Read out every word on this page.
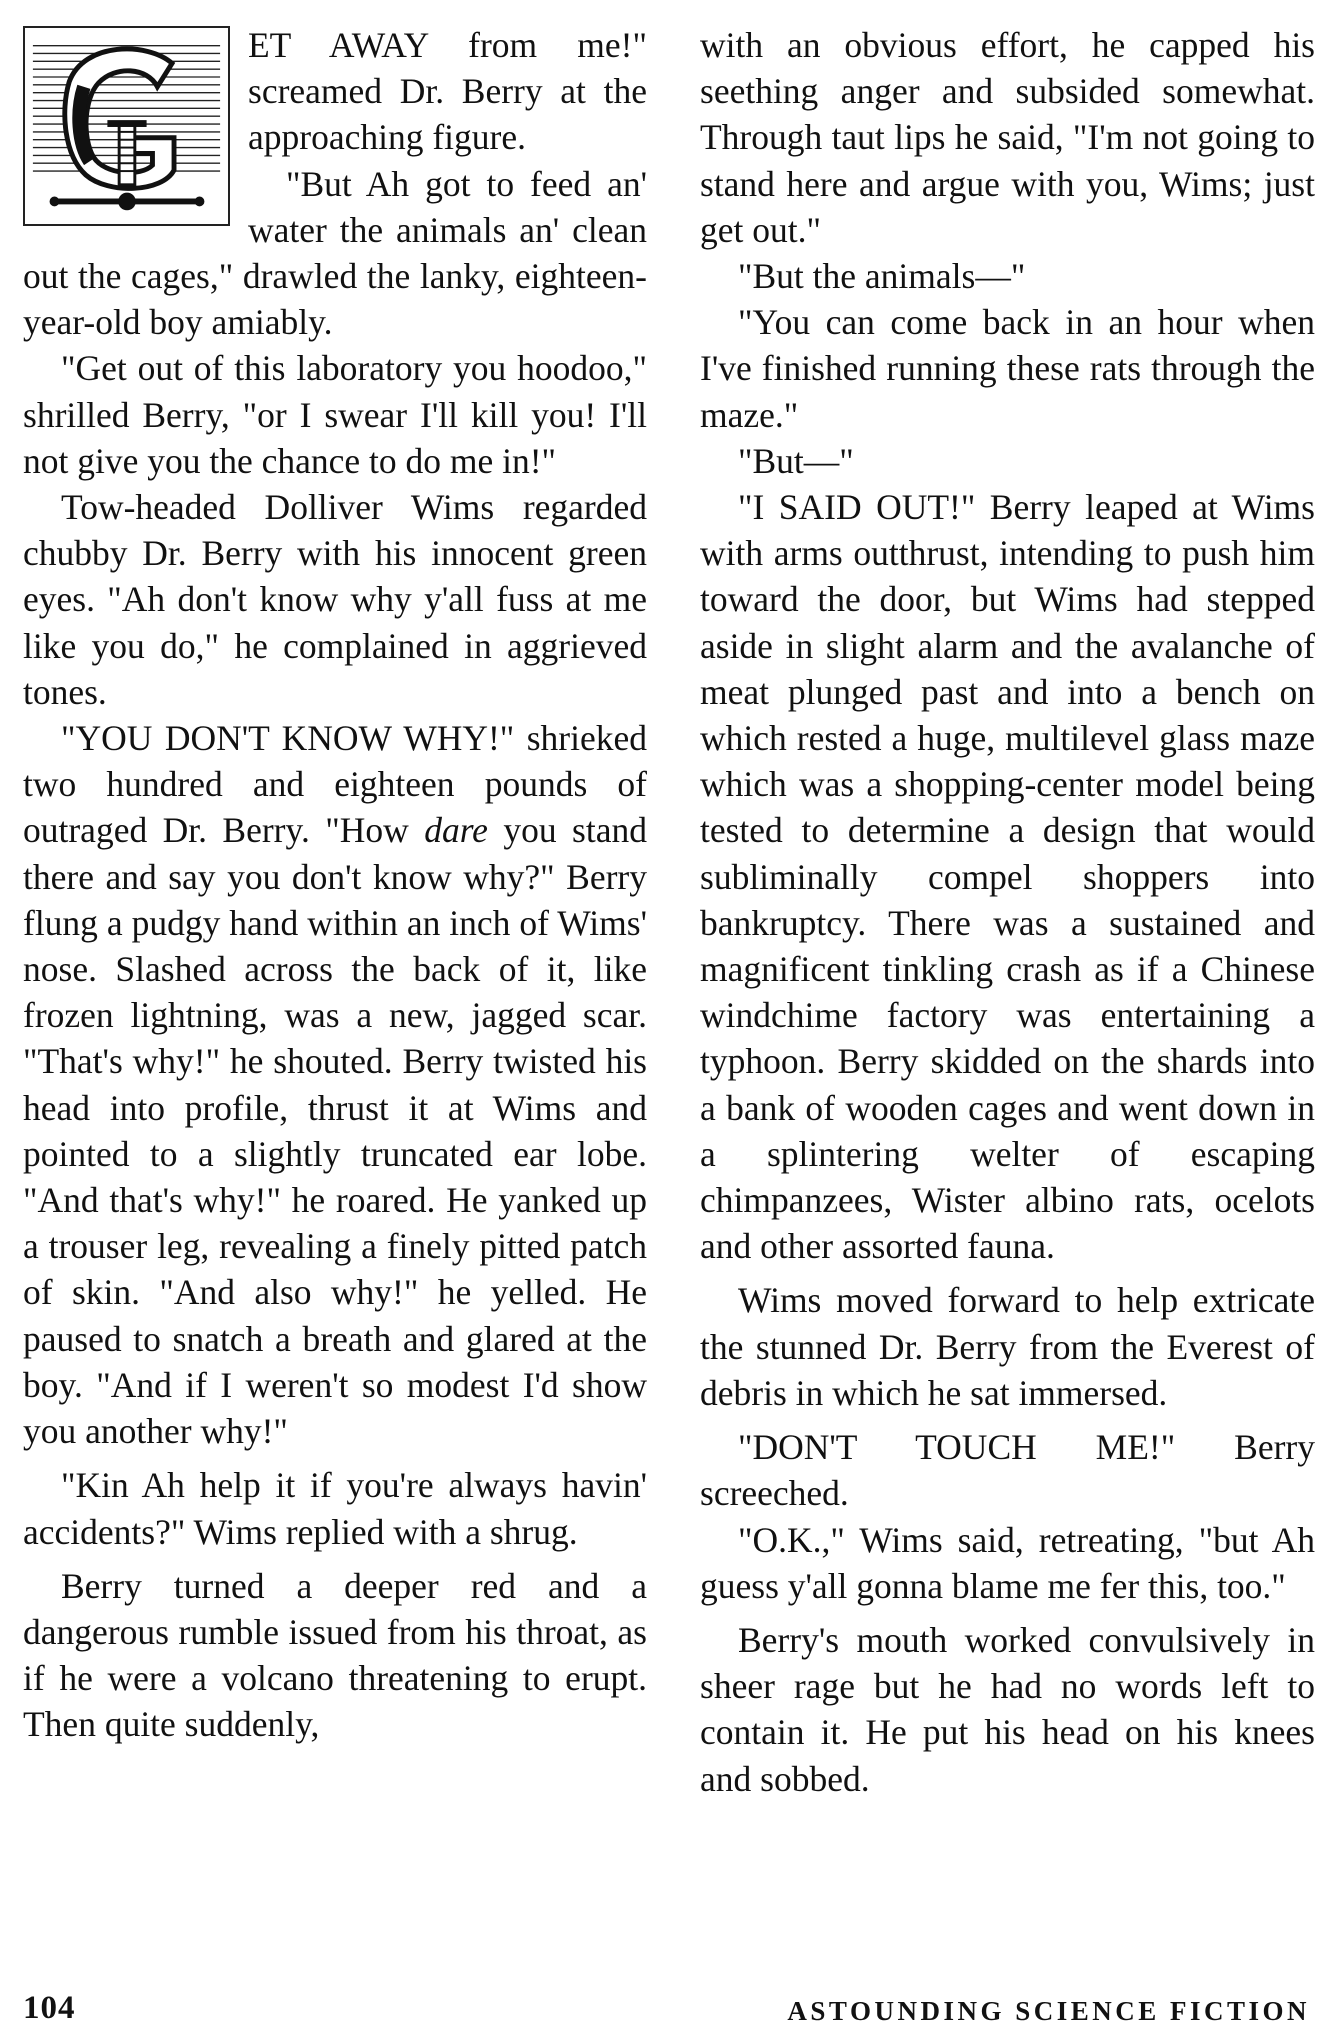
ET AWAY from me!" screamed Dr. Berry at the approaching figure.

"But Ah got to feed an' water the animals an' clean out the cages," drawled the lanky, eighteen-year-old boy amiably.

"Get out of this laboratory you hoodoo," shrilled Berry, "or I swear I'll kill you! I'll not give you the chance to do me in!"

Tow-headed Dolliver Wims regarded chubby Dr. Berry with his innocent green eyes. "Ah don't know why y'all fuss at me like you do," he complained in aggrieved tones.

"YOU DON'T KNOW WHY!" shrieked two hundred and eighteen pounds of outraged Dr. Berry. "How dare you stand there and say you don't know why?" Berry flung a pudgy hand within an inch of Wims' nose. Slashed across the back of it, like frozen lightning, was a new, jagged scar. "That's why!" he shouted. Berry twisted his head into profile, thrust it at Wims and pointed to a slightly truncated ear lobe. "And that's why!" he roared. He yanked up a trouser leg, revealing a finely pitted patch of skin. "And also why!" he yelled. He paused to snatch a breath and glared at the boy. "And if I weren't so modest I'd show you another why!"

"Kin Ah help it if you're always havin' accidents?" Wims replied with a shrug.

Berry turned a deeper red and a dangerous rumble issued from his throat, as if he were a volcano threatening to erupt. Then quite suddenly,

with an obvious effort, he capped his seething anger and subsided somewhat. Through taut lips he said, "I'm not going to stand here and argue with you, Wims; just get out."

"But the animals—"

"You can come back in an hour when I've finished running these rats through the maze."

"But—"

"I SAID OUT!" Berry leaped at Wims with arms outthrust, intending to push him toward the door, but Wims had stepped aside in slight alarm and the avalanche of meat plunged past and into a bench on which rested a huge, multilevel glass maze which was a shopping-center model being tested to determine a design that would subliminally compel shoppers into bankruptcy. There was a sustained and magnificent tinkling crash as if a Chinese windchime factory was entertaining a typhoon. Berry skidded on the shards into a bank of wooden cages and went down in a splintering welter of escaping chimpanzees, Wister albino rats, ocelots and other assorted fauna.

Wims moved forward to help extricate the stunned Dr. Berry from the Everest of debris in which he sat immersed.

"DON'T TOUCH ME!" Berry screeched.

"O.K.," Wims said, retreating, "but Ah guess y'all gonna blame me fer this, too."

Berry's mouth worked convulsively in sheer rage but he had no words left to contain it. He put his head on his knees and sobbed.

104	ASTOUNDING SCIENCE FICTION
